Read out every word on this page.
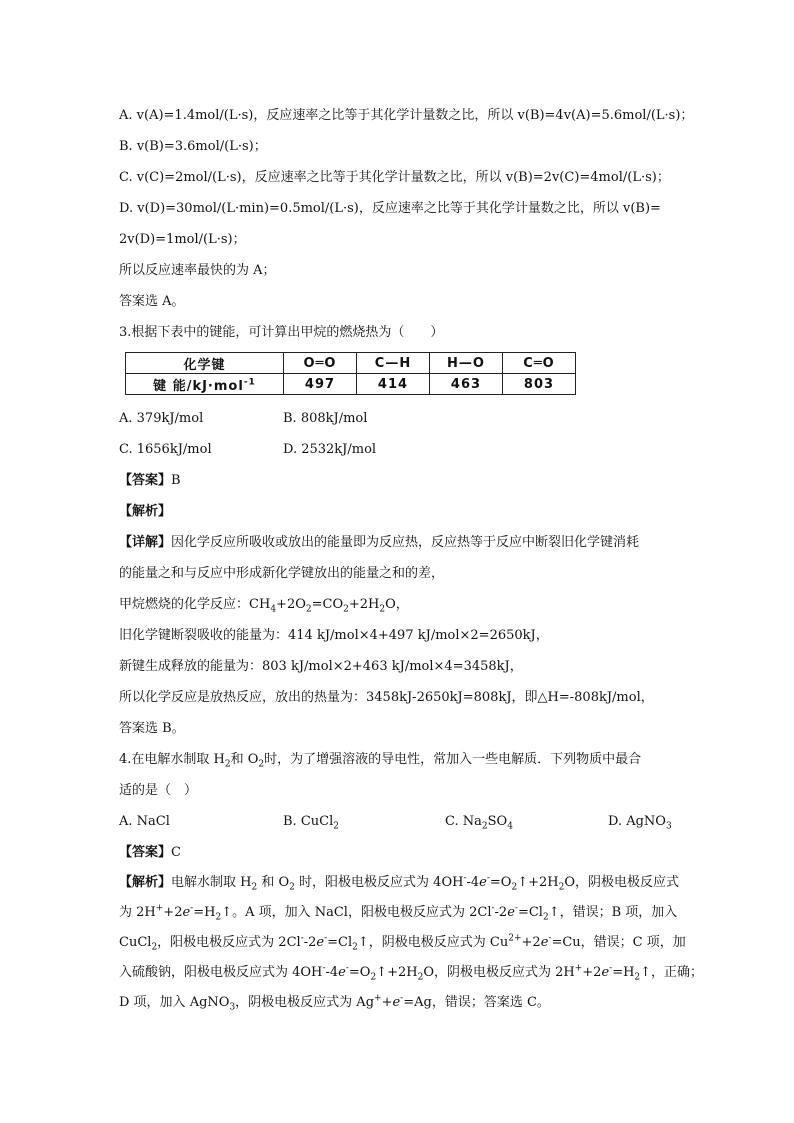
A. v(A)=1.4mol/(L·s)，反应速率之比等于其化学计量数之比，所以 v(B)=4v(A)=5.6mol/(L·s)；
B. v(B)=3.6mol/(L·s)；
C. v(C)=2mol/(L·s)，反应速率之比等于其化学计量数之比，所以 v(B)=2v(C)=4mol/(L·s)；
D. v(D)=30mol/(L·min)=0.5mol/(L·s)，反应速率之比等于其化学计量数之比，所以 v(B)=
2v(D)=1mol/(L·s)；
所以反应速率最快的为 A；
答案选 A。
3.根据下表中的键能，可计算出甲烷的燃烧热为（　　）
化学键	O═O	C—H	H—O	C═O
键 能/kJ·mol$^{-1}$	497	414	463	803
A. 379kJ/mol	B. 808kJ/mol
C. 1656kJ/mol	D. 2532kJ/mol
【答案】B
【解析】
【详解】因化学反应所吸收或放出的能量即为反应热，反应热等于反应中断裂旧化学键消耗
的能量之和与反应中形成新化学键放出的能量之和的差，
甲烷燃烧的化学反应：$CH_4+2O_2=CO_2+2H_2O$，
旧化学键断裂吸收的能量为：414 kJ/mol×4+497 kJ/mol×2=2650kJ，
新键生成释放的能量为：803 kJ/mol×2+463 kJ/mol×4=3458kJ，
所以化学反应是放热反应，放出的热量为：3458kJ-2650kJ=808kJ，即△H=-808kJ/mol，
答案选 B。
4.在电解水制取 $H_2$和 $O_2$时，为了增强溶液的导电性，常加入一些电解质．下列物质中最合
适的是（　）
A. NaCl	B. CuCl$_2$	C. $Na_2SO_4$	D. AgNO$_3$
【答案】C
【解析】电解水制取 $H_2$ 和 $O_2$ 时，阳极电极反应式为 $4OH^--4e^-=O_2↑+2H_2O$，阴极电极反应式
为 $2H^++2e^-=H_2↑$。A 项，加入 NaCl，阳极电极反应式为 $2Cl^--2e^-=Cl_2↑$，错误；B 项，加入
CuCl$_2$，阳极电极反应式为 $2Cl^--2e^-=Cl_2↑$，阴极电极反应式为 $Cu^{2+}+2e^-=Cu$，错误；C 项，加
入硫酸钠，阳极电极反应式为 $4OH^--4e^-=O_2↑+2H_2O$，阴极电极反应式为 $2H^++2e^-=H_2↑$，正确；
D 项，加入 AgNO$_3$，阴极电极反应式为 Ag++e-=Ag，错误；答案选 C。
